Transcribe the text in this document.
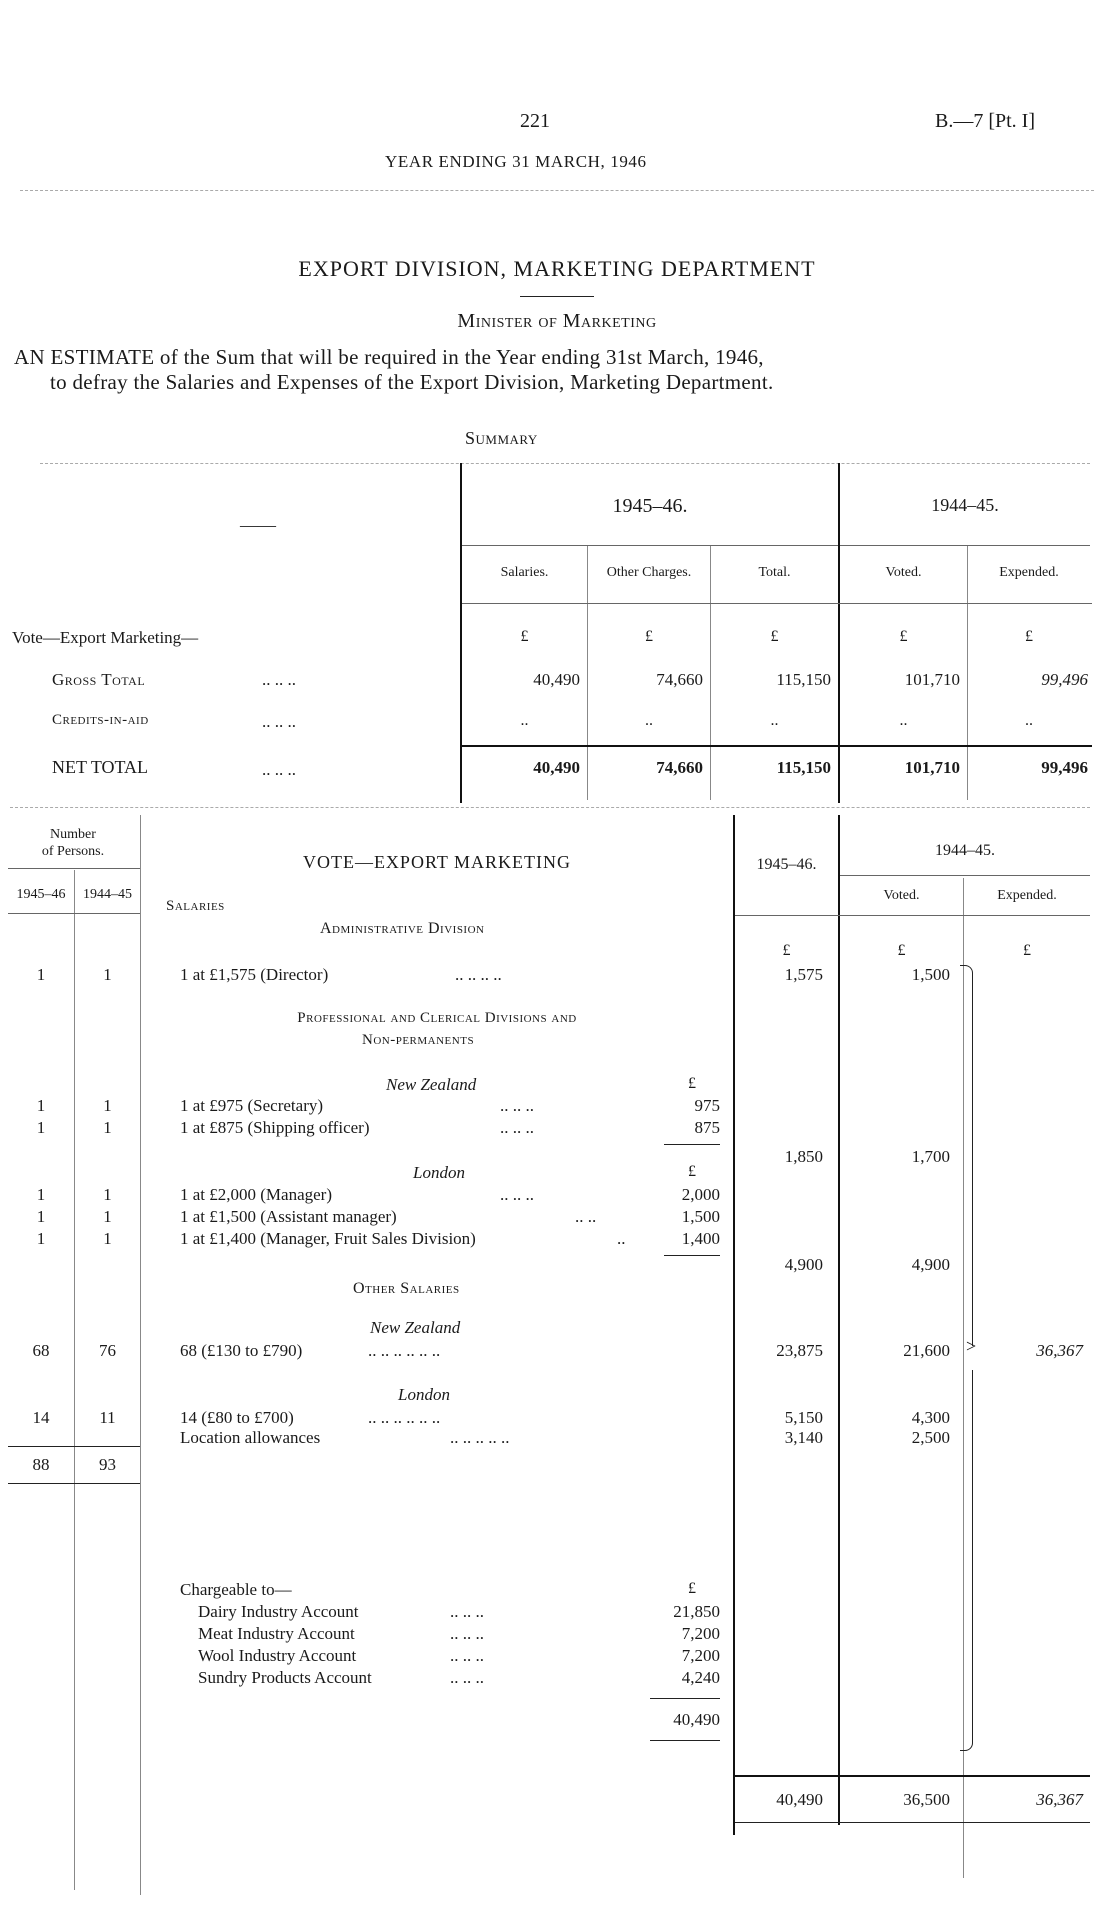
221	B.—7 [Pt. I]
YEAR ENDING 31 MARCH, 1946
EXPORT DIVISION, MARKETING DEPARTMENT
Minister of Marketing
AN ESTIMATE of the Sum that will be required in the Year ending 31st March, 1946,
to defray the Salaries and Expenses of the Export Division, Marketing Department.
Summary
——
1945–46.	1944–45.
Salaries.	Other Charges.	Total.	Voted.	Expended.
Vote—Export Marketing—	£	£	£	£	£
Gross Total	.. .. ..	40,490	74,660	115,150	101,710	99,496
Credits-in-aid	.. .. ..	..	..	..	..	..
NET TOTAL	.. .. ..	40,490	74,660	115,150	101,710	99,496
Number
of Persons.
1945–46	1944–45
VOTE—EXPORT MARKETING	1945–46.
1944–45.
Voted.	Expended.
Salaries
Administrative Division
£	£	£
1	1	1 at £1,575 (Director)	.. .. .. ..	1,575	1,500
Professional and Clerical Divisions and
Non-permanents
New Zealand	£
1	1	1 at £975 (Secretary)	.. .. ..	975
1	1	1 at £875 (Shipping officer)	.. .. ..	875
1,850	1,700
London	£
1	1	1 at £2,000 (Manager)	.. .. ..	2,000
1	1	1 at £1,500 (Assistant manager)	.. ..	1,500
1	1	1 at £1,400 (Manager, Fruit Sales Division)	..	1,400
4,900	4,900
Other Salaries
New Zealand
68	76	68 (£130 to £790)	.. .. .. .. .. ..	23,875	21,600
London
14	11	14 (£80 to £700)	.. .. .. .. .. ..	5,150	4,300
Location allowances	.. .. .. .. ..	3,140	2,500
88	93
>	36,367
Chargeable to—	£
Dairy Industry Account	.. .. ..	21,850
Meat Industry Account	.. .. ..	7,200
Wool Industry Account	.. .. ..	7,200
Sundry Products Account	.. .. ..	4,240
40,490
40,490	36,500	36,367
